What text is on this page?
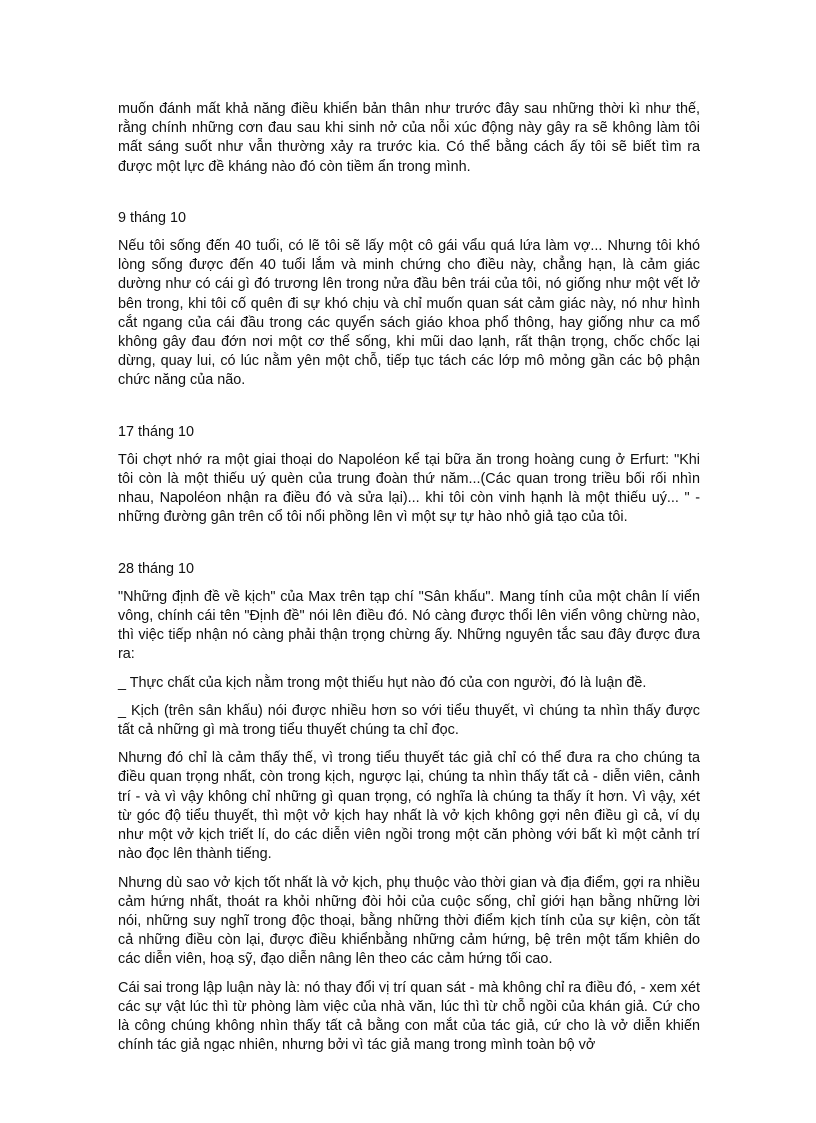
muốn đánh mất khả năng điều khiển bản thân như trước đây sau những thời kì như thế, rằng chính những cơn đau sau khi sinh nở của nỗi xúc động này gây ra sẽ không làm tôi mất sáng suốt như vẫn thường xảy ra trước kia. Có thể bằng cách ấy tôi sẽ biết tìm ra được một lực đề kháng nào đó còn tiềm ẩn trong mình.

9 tháng 10

Nếu tôi sống đến 40 tuổi, có lẽ tôi sẽ lấy một cô gái vẩu quá lứa làm vợ... Nhưng tôi khó lòng sống được đến 40 tuổi lắm và minh chứng cho điều này, chẳng hạn, là cảm giác dường như có cái gì đó trương lên trong nửa đầu bên trái của tôi, nó giống như một vết lở bên trong, khi tôi cố quên đi sự khó chịu và chỉ muốn quan sát cảm giác này, nó như hình cắt ngang của cái đầu trong các quyển sách giáo khoa phổ thông, hay giống như ca mổ không gây đau đớn nơi một cơ thể sống, khi mũi dao lạnh, rất thận trọng, chốc chốc lại dừng, quay lui, có lúc nằm yên một chỗ, tiếp tục tách các lớp mô mỏng gần các bộ phận chức năng của não.

17 tháng 10

Tôi chợt nhớ ra một giai thoại do Napoléon kể tại bữa ăn trong hoàng cung ở Erfurt: "Khi tôi còn là một thiếu uý quèn của trung đoàn thứ năm...(Các quan trong triều bối rối nhìn nhau, Napoléon nhận ra điều đó và sửa lại)... khi tôi còn vinh hạnh là một thiếu uý... " - những đường gân trên cổ tôi nổi phồng lên vì một sự tự hào nhỏ giả tạo của tôi.

28 tháng 10

"Những định đề về kịch" của Max trên tạp chí "Sân khấu". Mang tính của một chân lí viển vông, chính cái tên "Định đề" nói lên điều đó. Nó càng được thổi lên viển vông chừng nào, thì việc tiếp nhận nó càng phải thận trọng chừng ấy. Những nguyên tắc sau đây được đưa ra:

_ Thực chất của kịch nằm trong một thiếu hụt nào đó của con người, đó là luận đề.

_ Kịch (trên sân khấu) nói được nhiều hơn so với tiểu thuyết, vì chúng ta nhìn thấy được tất cả những gì mà trong tiểu thuyết chúng ta chỉ đọc.

Nhưng đó chỉ là cảm thấy thế, vì trong tiểu thuyết tác giả chỉ có thể đưa ra cho chúng ta điều quan trọng nhất, còn trong kịch, ngược lại, chúng ta nhìn thấy tất cả - diễn viên, cảnh trí - và vì vậy không chỉ những gì quan trọng, có nghĩa là chúng ta thấy ít hơn. Vì vậy, xét từ góc độ tiểu thuyết, thì một vở kịch hay nhất là vở kịch không gợi nên điều gì cả, ví dụ như một vở kịch triết lí, do các diễn viên ngồi trong một căn phòng với bất kì một cảnh trí nào đọc lên thành tiếng.

Nhưng dù sao vở kịch tốt nhất là vở kịch, phụ thuộc vào thời gian và địa điểm, gợi ra nhiều cảm hứng nhất, thoát ra khỏi những đòi hỏi của cuộc sống, chỉ giới hạn bằng những lời nói, những suy nghĩ trong độc thoại, bằng những thời điểm kịch tính của sự kiện, còn tất cả những điều còn lại, được điều khiểnbằng những cảm hứng, bệ trên một tấm khiên do các diễn viên, hoạ sỹ, đạo diễn nâng lên theo các cảm hứng tối cao.

Cái sai trong lập luận này là: nó thay đổi vị trí quan sát - mà không chỉ ra điều đó, - xem xét các sự vật lúc thì từ phòng làm việc của nhà văn, lúc thì từ chỗ ngồi của khán giả. Cứ cho là công chúng không nhìn thấy tất cả bằng con mắt của tác giả, cứ cho là vở diễn khiến chính tác giả ngạc nhiên, nhưng bởi vì tác giả mang trong mình toàn bộ vở
